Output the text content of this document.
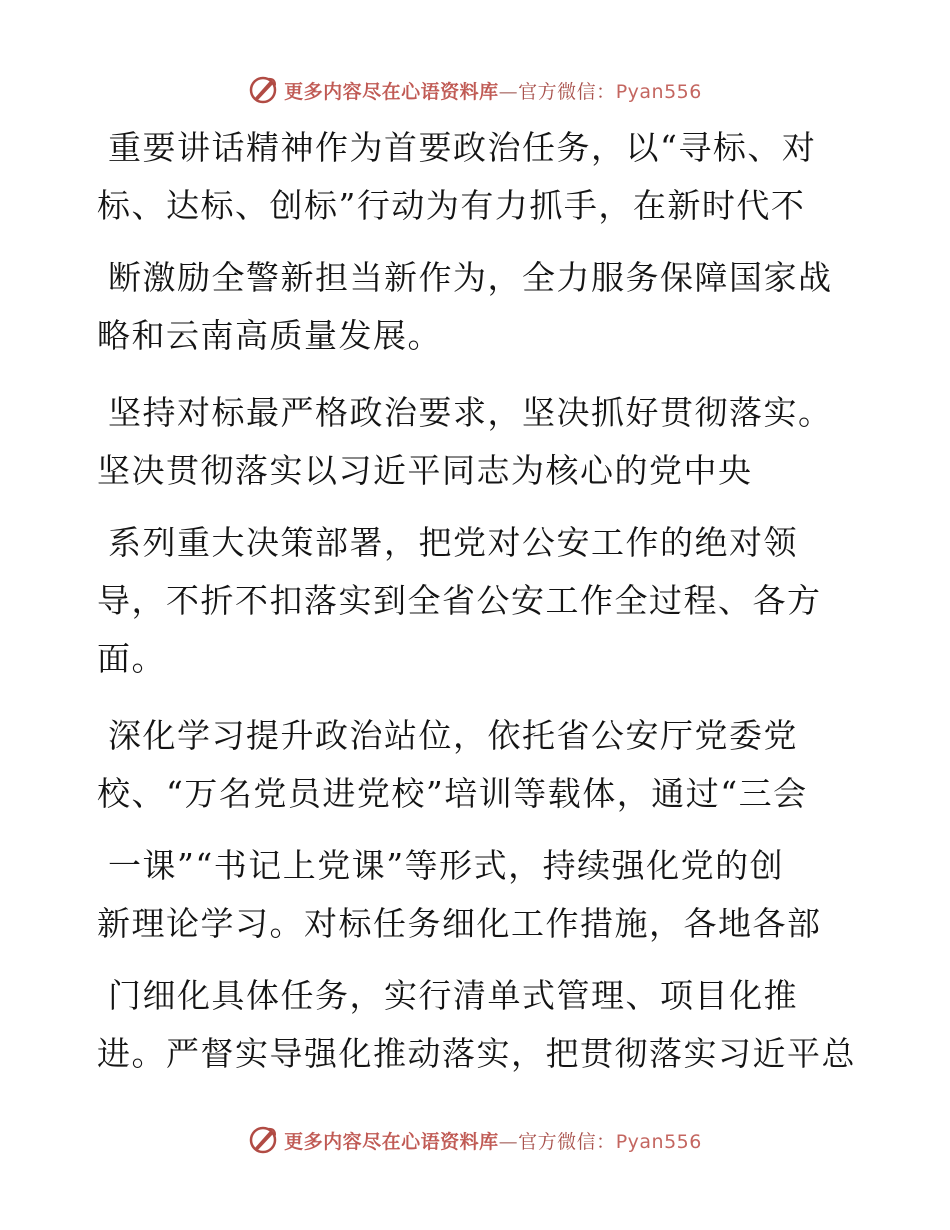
更多内容尽在心语资料库—官方微信：Pyan556
重要讲话精神作为首要政治任务，以“寻标、对
标、达标、创标”行动为有力抓手，在新时代不
断激励全警新担当新作为，全力服务保障国家战
略和云南高质量发展。
坚持对标最严格政治要求，坚决抓好贯彻落实。
坚决贯彻落实以习近平同志为核心的党中央
系列重大决策部署，把党对公安工作的绝对领
导，不折不扣落实到全省公安工作全过程、各方
面。
深化学习提升政治站位，依托省公安厅党委党
校、“万名党员进党校”培训等载体，通过“三会
一课”“书记上党课”等形式，持续强化党的创
新理论学习。对标任务细化工作措施，各地各部
门细化具体任务，实行清单式管理、项目化推
进。严督实导强化推动落实，把贯彻落实习近平总
更多内容尽在心语资料库—官方微信：Pyan556
